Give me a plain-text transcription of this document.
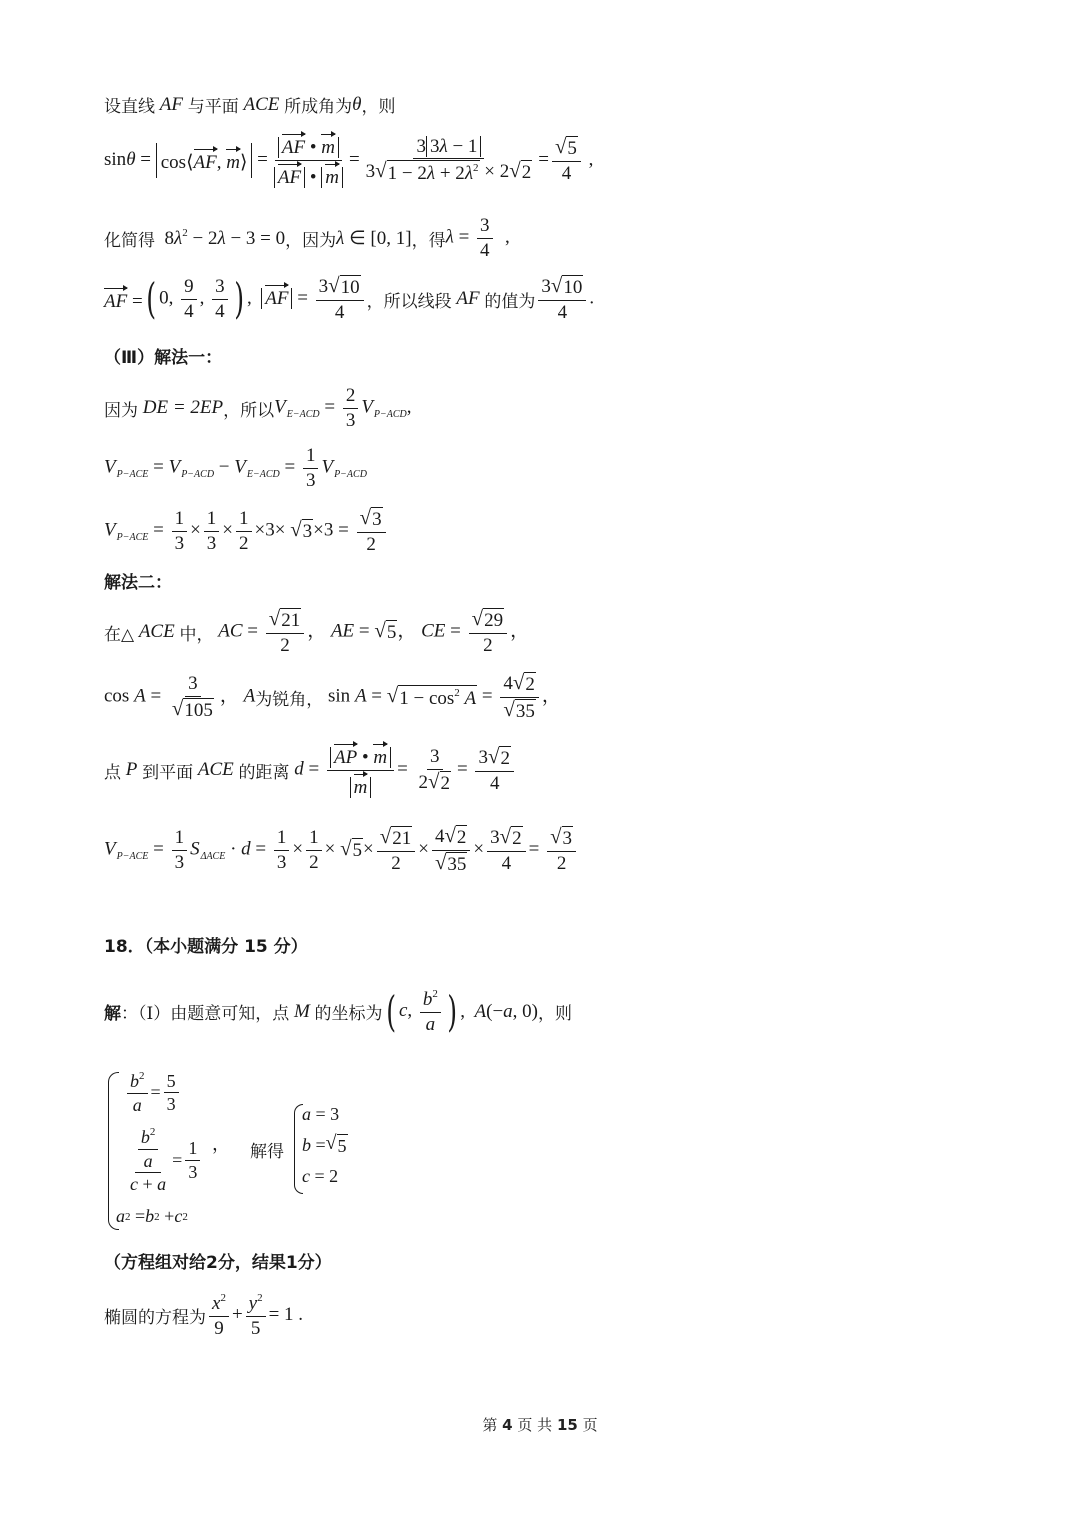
设直线 AF 与平面 ACE 所成角为 θ ，则
sinθ = cos⟨AF, m⟩ = $\frac{AF • m}{AF • m} = \frac{3 3\lambda - 1}{3 √ 1 - 2\lambda + 2\lambda^2 \times 2 √ 2} = \frac{√ 5}{4}$ ,
化简得 $8\lambda^2 - 2\lambda - 3 = 0$ ，因为 λ ∈ [0, 1] ，得 $\lambda = \frac{3}{4}$ ,
AF = ( 0, $\frac{9}{4}$ , $\frac{3}{4}$ ) ,  AF = $\frac{3 √ 10}{4}$ ，所以线段 AF 的值为 $\frac{3 √ 10}{4}$ .
（Ⅲ）解法一：
因为 DE = 2EP ，所以 $V_{E-ACD} = \frac{2}{3} V_{P-ACD}$,
$V_{P-ACE} = V_{P-ACD} - V_{E-ACD} = \frac{1}{3} V_{P-ACD}$
$V_{P-ACE} = \frac{1}{3} \times \frac{1}{3} \times \frac{1}{2} \times 3\times$ √ $3 \times 3 = \frac{√ 3}{2}$
解法二：
在△ ACE 中， AC = $\frac{√ 21}{2}$ ， AE = √ 5 ， CE = $\frac{√ 29}{2}$ ，
$\cos A = \frac{3}{√ 105}$ ， A 为锐角， sin A = √ $1 - \cos^2 A = \frac{4 √ 2}{√ 35}$ ，
点 P 到平面 ACE 的距离 $d = \frac{AP • m}{m} = \frac{3}{2 √ 2} = \frac{3 √ 2}{4}$
$V_{P-ACE} = \frac{1}{3} S_{\Delta ACE} \cdot d = \frac{1}{3} \times \frac{1}{2}$ × √ $5 \times \frac{√ 21}{2} \times \frac{4 √ 2}{√ 35} \times \frac{3 √ 2}{4} = \frac{√ 3}{2}$
18．（本小题满分 15 分）
解 ：（Ⅰ）由题意可知，点 M 的坐标为 ( c, $\frac{b^2}{a}$ ) ,  A(−a, 0) ，则
$\frac{b^2}{a} = \frac{5}{3}$
$\frac{\frac{b^2}{a}}{c + a} = \frac{1}{3}$
a 2 = b 2 + c 2
， 解得
a = 3
b = √ 5
c = 2
（方程组对给2分，结果1分）
椭圆的方程为 $\frac{x^2}{9} + \frac{y^2}{5} = 1$ .
第 4 页 共 15 页
